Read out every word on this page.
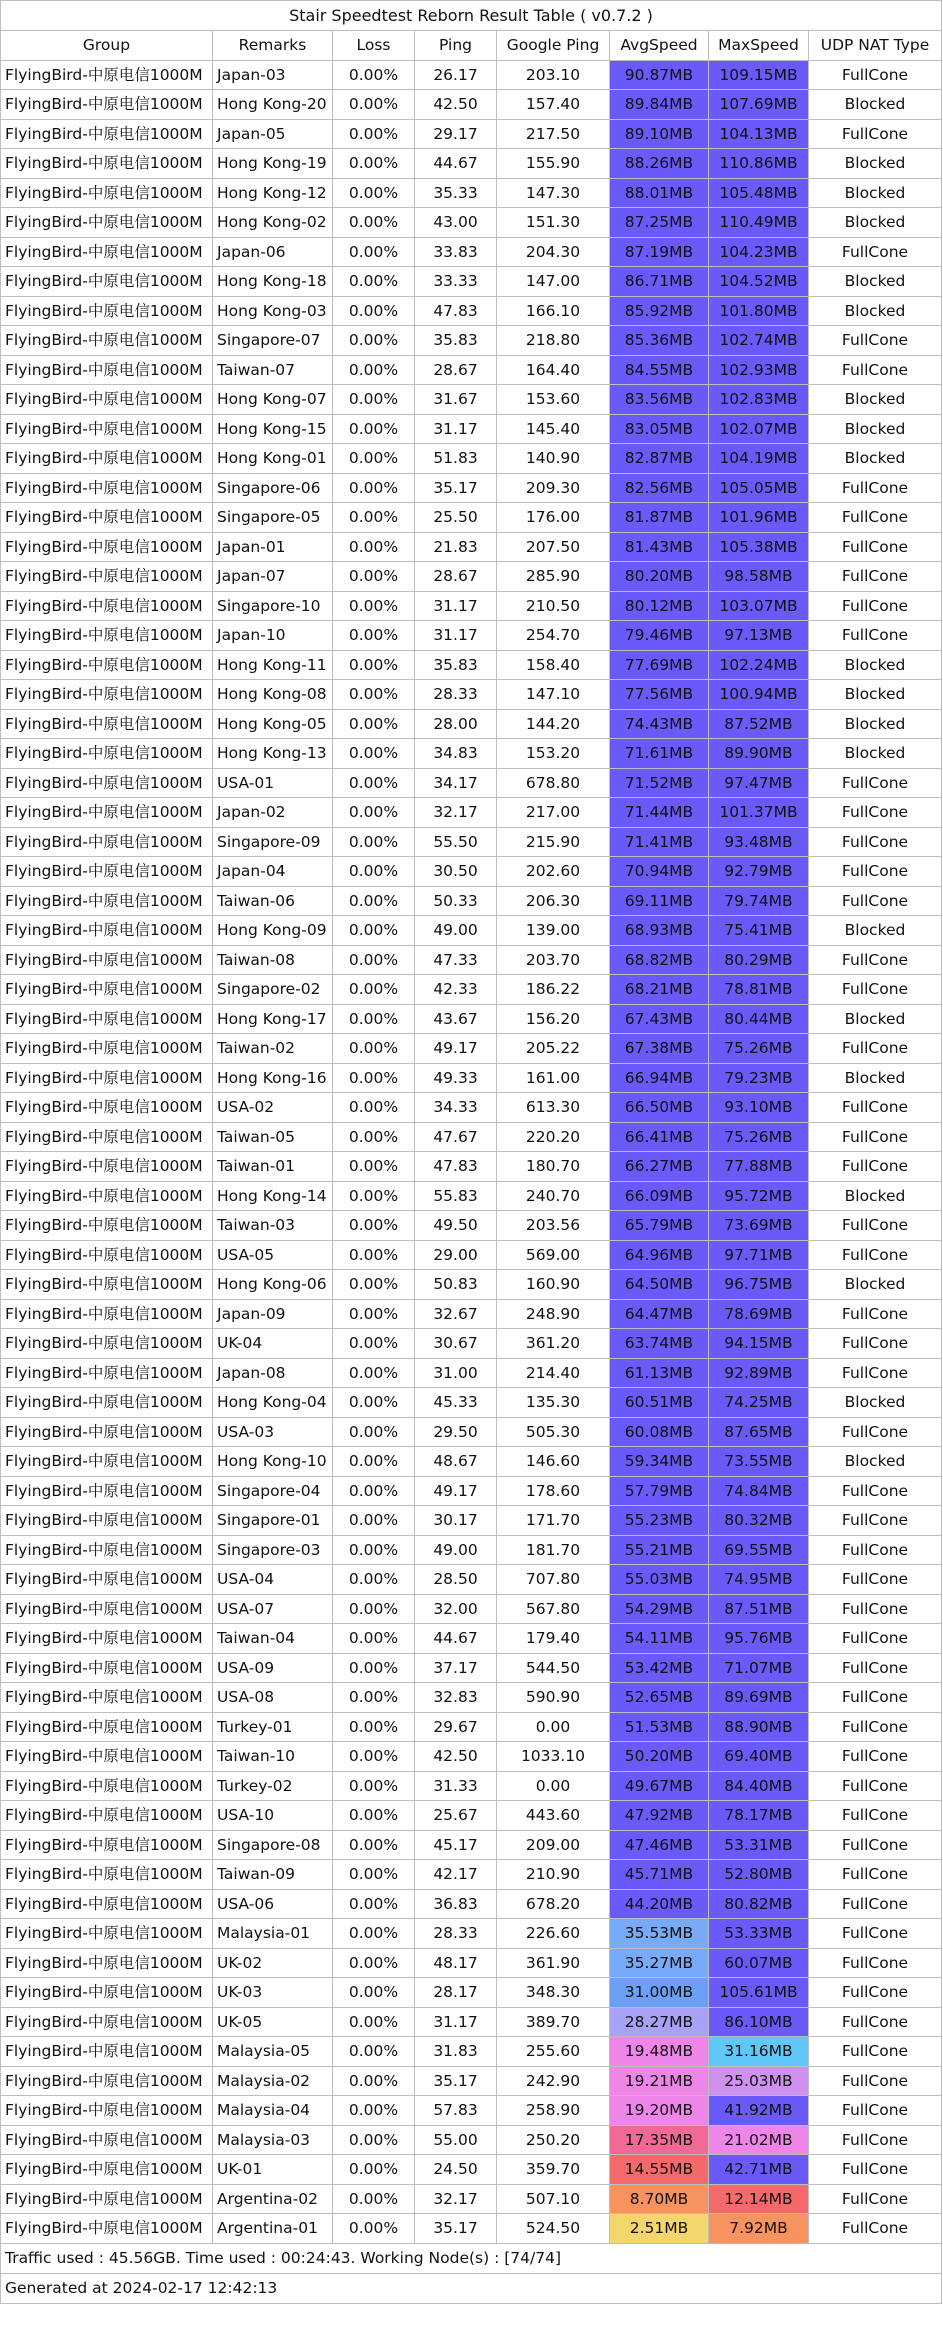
Stair Speedtest Reborn Result Table ( v0.7.2 )
Group	Remarks	Loss	Ping	Google Ping	AvgSpeed	MaxSpeed	UDP NAT Type
FlyingBird-中原电信1000M Japan-03	0.00%	26.17	203.10	90.87MB	109.15MB	FullCone
FlyingBird-中原电信1000M Hong Kong-20	0.00%	42.50	157.40	89.84MB	107.69MB	Blocked
FlyingBird-中原电信1000M Japan-05	0.00%	29.17	217.50	89.10MB	104.13MB	FullCone
FlyingBird-中原电信1000M Hong Kong-19	0.00%	44.67	155.90	88.26MB	110.86MB	Blocked
FlyingBird-中原电信1000M Hong Kong-12	0.00%	35.33	147.30	88.01MB	105.48MB	Blocked
FlyingBird-中原电信1000M Hong Kong-02	0.00%	43.00	151.30	87.25MB	110.49MB	Blocked
FlyingBird-中原电信1000M Japan-06	0.00%	33.83	204.30	87.19MB	104.23MB	FullCone
FlyingBird-中原电信1000M Hong Kong-18	0.00%	33.33	147.00	86.71MB	104.52MB	Blocked
FlyingBird-中原电信1000M Hong Kong-03	0.00%	47.83	166.10	85.92MB	101.80MB	Blocked
FlyingBird-中原电信1000M Singapore-07	0.00%	35.83	218.80	85.36MB	102.74MB	FullCone
FlyingBird-中原电信1000M Taiwan-07	0.00%	28.67	164.40	84.55MB	102.93MB	FullCone
FlyingBird-中原电信1000M Hong Kong-07	0.00%	31.67	153.60	83.56MB	102.83MB	Blocked
FlyingBird-中原电信1000M Hong Kong-15	0.00%	31.17	145.40	83.05MB	102.07MB	Blocked
FlyingBird-中原电信1000M Hong Kong-01	0.00%	51.83	140.90	82.87MB	104.19MB	Blocked
FlyingBird-中原电信1000M Singapore-06	0.00%	35.17	209.30	82.56MB	105.05MB	FullCone
FlyingBird-中原电信1000M Singapore-05	0.00%	25.50	176.00	81.87MB	101.96MB	FullCone
FlyingBird-中原电信1000M Japan-01	0.00%	21.83	207.50	81.43MB	105.38MB	FullCone
FlyingBird-中原电信1000M Japan-07	0.00%	28.67	285.90	80.20MB	98.58MB	FullCone
FlyingBird-中原电信1000M Singapore-10	0.00%	31.17	210.50	80.12MB	103.07MB	FullCone
FlyingBird-中原电信1000M Japan-10	0.00%	31.17	254.70	79.46MB	97.13MB	FullCone
FlyingBird-中原电信1000M Hong Kong-11	0.00%	35.83	158.40	77.69MB	102.24MB	Blocked
FlyingBird-中原电信1000M Hong Kong-08	0.00%	28.33	147.10	77.56MB	100.94MB	Blocked
FlyingBird-中原电信1000M Hong Kong-05	0.00%	28.00	144.20	74.43MB	87.52MB	Blocked
FlyingBird-中原电信1000M Hong Kong-13	0.00%	34.83	153.20	71.61MB	89.90MB	Blocked
FlyingBird-中原电信1000M USA-01	0.00%	34.17	678.80	71.52MB	97.47MB	FullCone
FlyingBird-中原电信1000M Japan-02	0.00%	32.17	217.00	71.44MB	101.37MB	FullCone
FlyingBird-中原电信1000M Singapore-09	0.00%	55.50	215.90	71.41MB	93.48MB	FullCone
FlyingBird-中原电信1000M Japan-04	0.00%	30.50	202.60	70.94MB	92.79MB	FullCone
FlyingBird-中原电信1000M Taiwan-06	0.00%	50.33	206.30	69.11MB	79.74MB	FullCone
FlyingBird-中原电信1000M Hong Kong-09	0.00%	49.00	139.00	68.93MB	75.41MB	Blocked
FlyingBird-中原电信1000M Taiwan-08	0.00%	47.33	203.70	68.82MB	80.29MB	FullCone
FlyingBird-中原电信1000M Singapore-02	0.00%	42.33	186.22	68.21MB	78.81MB	FullCone
FlyingBird-中原电信1000M Hong Kong-17	0.00%	43.67	156.20	67.43MB	80.44MB	Blocked
FlyingBird-中原电信1000M Taiwan-02	0.00%	49.17	205.22	67.38MB	75.26MB	FullCone
FlyingBird-中原电信1000M Hong Kong-16	0.00%	49.33	161.00	66.94MB	79.23MB	Blocked
FlyingBird-中原电信1000M USA-02	0.00%	34.33	613.30	66.50MB	93.10MB	FullCone
FlyingBird-中原电信1000M Taiwan-05	0.00%	47.67	220.20	66.41MB	75.26MB	FullCone
FlyingBird-中原电信1000M Taiwan-01	0.00%	47.83	180.70	66.27MB	77.88MB	FullCone
FlyingBird-中原电信1000M Hong Kong-14	0.00%	55.83	240.70	66.09MB	95.72MB	Blocked
FlyingBird-中原电信1000M Taiwan-03	0.00%	49.50	203.56	65.79MB	73.69MB	FullCone
FlyingBird-中原电信1000M USA-05	0.00%	29.00	569.00	64.96MB	97.71MB	FullCone
FlyingBird-中原电信1000M Hong Kong-06	0.00%	50.83	160.90	64.50MB	96.75MB	Blocked
FlyingBird-中原电信1000M Japan-09	0.00%	32.67	248.90	64.47MB	78.69MB	FullCone
FlyingBird-中原电信1000M UK-04	0.00%	30.67	361.20	63.74MB	94.15MB	FullCone
FlyingBird-中原电信1000M Japan-08	0.00%	31.00	214.40	61.13MB	92.89MB	FullCone
FlyingBird-中原电信1000M Hong Kong-04	0.00%	45.33	135.30	60.51MB	74.25MB	Blocked
FlyingBird-中原电信1000M USA-03	0.00%	29.50	505.30	60.08MB	87.65MB	FullCone
FlyingBird-中原电信1000M Hong Kong-10	0.00%	48.67	146.60	59.34MB	73.55MB	Blocked
FlyingBird-中原电信1000M Singapore-04	0.00%	49.17	178.60	57.79MB	74.84MB	FullCone
FlyingBird-中原电信1000M Singapore-01	0.00%	30.17	171.70	55.23MB	80.32MB	FullCone
FlyingBird-中原电信1000M Singapore-03	0.00%	49.00	181.70	55.21MB	69.55MB	FullCone
FlyingBird-中原电信1000M USA-04	0.00%	28.50	707.80	55.03MB	74.95MB	FullCone
FlyingBird-中原电信1000M USA-07	0.00%	32.00	567.80	54.29MB	87.51MB	FullCone
FlyingBird-中原电信1000M Taiwan-04	0.00%	44.67	179.40	54.11MB	95.76MB	FullCone
FlyingBird-中原电信1000M USA-09	0.00%	37.17	544.50	53.42MB	71.07MB	FullCone
FlyingBird-中原电信1000M USA-08	0.00%	32.83	590.90	52.65MB	89.69MB	FullCone
FlyingBird-中原电信1000M Turkey-01	0.00%	29.67	0.00	51.53MB	88.90MB	FullCone
FlyingBird-中原电信1000M Taiwan-10	0.00%	42.50	1033.10	50.20MB	69.40MB	FullCone
FlyingBird-中原电信1000M Turkey-02	0.00%	31.33	0.00	49.67MB	84.40MB	FullCone
FlyingBird-中原电信1000M USA-10	0.00%	25.67	443.60	47.92MB	78.17MB	FullCone
FlyingBird-中原电信1000M Singapore-08	0.00%	45.17	209.00	47.46MB	53.31MB	FullCone
FlyingBird-中原电信1000M Taiwan-09	0.00%	42.17	210.90	45.71MB	52.80MB	FullCone
FlyingBird-中原电信1000M USA-06	0.00%	36.83	678.20	44.20MB	80.82MB	FullCone
FlyingBird-中原电信1000M Malaysia-01	0.00%	28.33	226.60	35.53MB	53.33MB	FullCone
FlyingBird-中原电信1000M UK-02	0.00%	48.17	361.90	35.27MB	60.07MB	FullCone
FlyingBird-中原电信1000M UK-03	0.00%	28.17	348.30	31.00MB	105.61MB	FullCone
FlyingBird-中原电信1000M UK-05	0.00%	31.17	389.70	28.27MB	86.10MB	FullCone
FlyingBird-中原电信1000M Malaysia-05	0.00%	31.83	255.60	19.48MB	31.16MB	FullCone
FlyingBird-中原电信1000M Malaysia-02	0.00%	35.17	242.90	19.21MB	25.03MB	FullCone
FlyingBird-中原电信1000M Malaysia-04	0.00%	57.83	258.90	19.20MB	41.92MB	FullCone
FlyingBird-中原电信1000M Malaysia-03	0.00%	55.00	250.20	17.35MB	21.02MB	FullCone
FlyingBird-中原电信1000M UK-01	0.00%	24.50	359.70	14.55MB	42.71MB	FullCone
FlyingBird-中原电信1000M Argentina-02	0.00%	32.17	507.10	8.70MB	12.14MB	FullCone
FlyingBird-中原电信1000M Argentina-01	0.00%	35.17	524.50	2.51MB	7.92MB	FullCone
Traffic used : 45.56GB. Time used : 00:24:43. Working Node(s) : [74/74]
Generated at 2024-02-17 12:42:13
